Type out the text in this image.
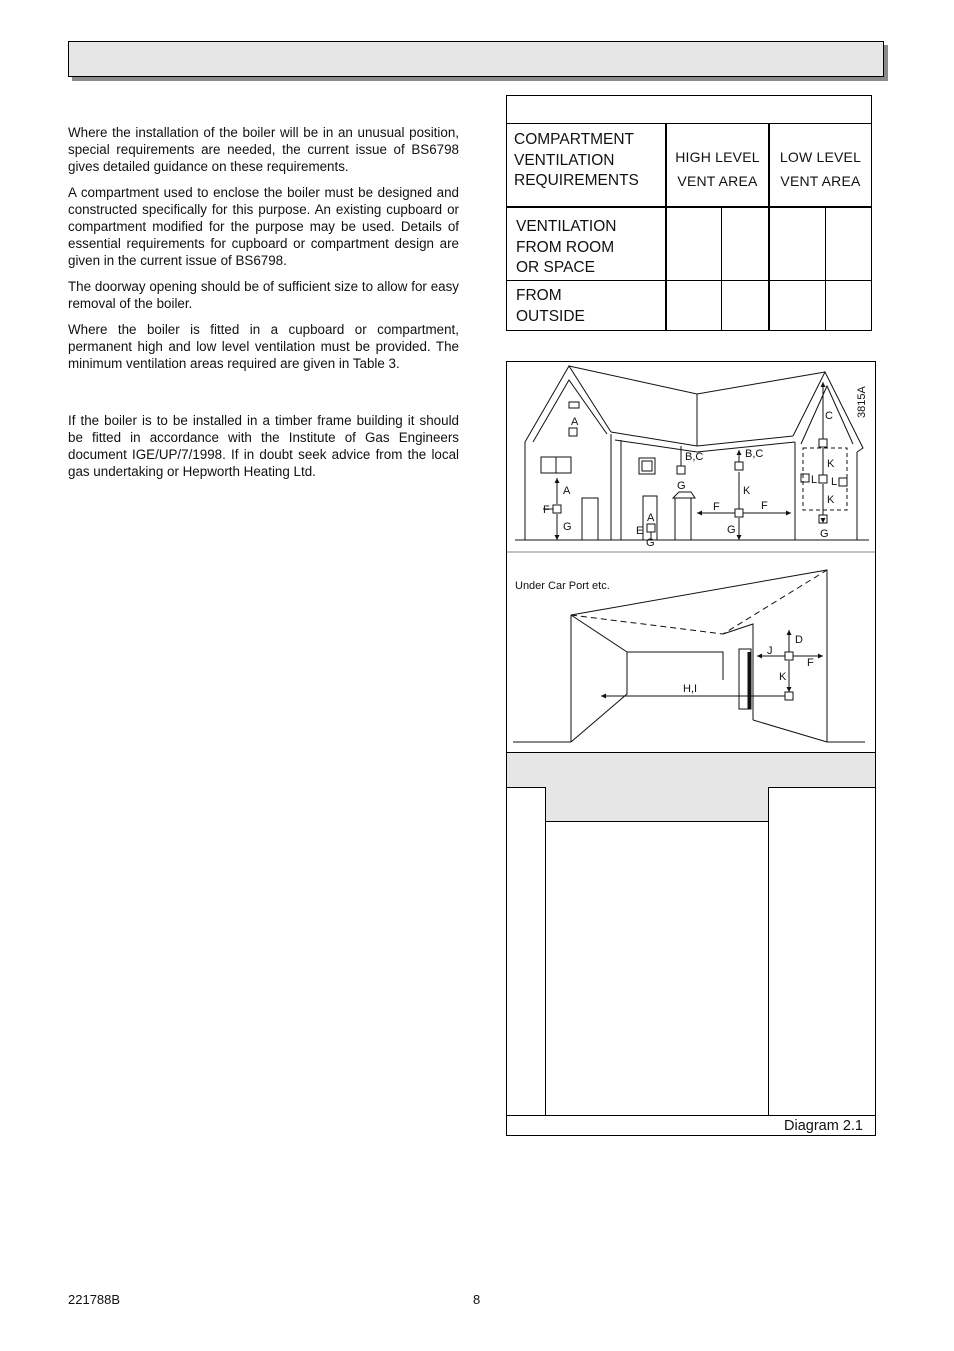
Where the installation of the boiler will be in an unusual position, special requirements are needed, the current issue of BS6798 gives detailed guidance on these requirements.

A compartment used to enclose the boiler must be designed and constructed specifically for this purpose. An existing cupboard or compartment modified for the purpose may be used. Details of essential requirements for cupboard or compartment design are given in the current issue of BS6798.

The doorway opening should be of sufficient size to allow for easy removal of the boiler.

Where the boiler is fitted in a cupboard or compartment, permanent high and low level ventilation must be provided. The minimum ventilation areas required are given in Table 3.

If the boiler is to be installed in a timber frame building it should be fitted in accordance with the Institute of Gas Engineers document IGE/UP/7/1998. If in doubt seek advice from the local gas undertaking or Hepworth Heating Ltd.

COMPARTMENT
VENTILATION
REQUIREMENTS
HIGH LEVEL
VENT AREA
LOW LEVEL
VENT AREA
VENTILATION
FROM ROOM
OR SPACE
FROM
OUTSIDE
A
A
F
G
B,C
G
B,C
K
F	F
G
A
E
G
C
K
L L
K
G
3815A
Under Car Port etc.
D
J
F
K
H,I
Diagram 2.1
221788B	8
